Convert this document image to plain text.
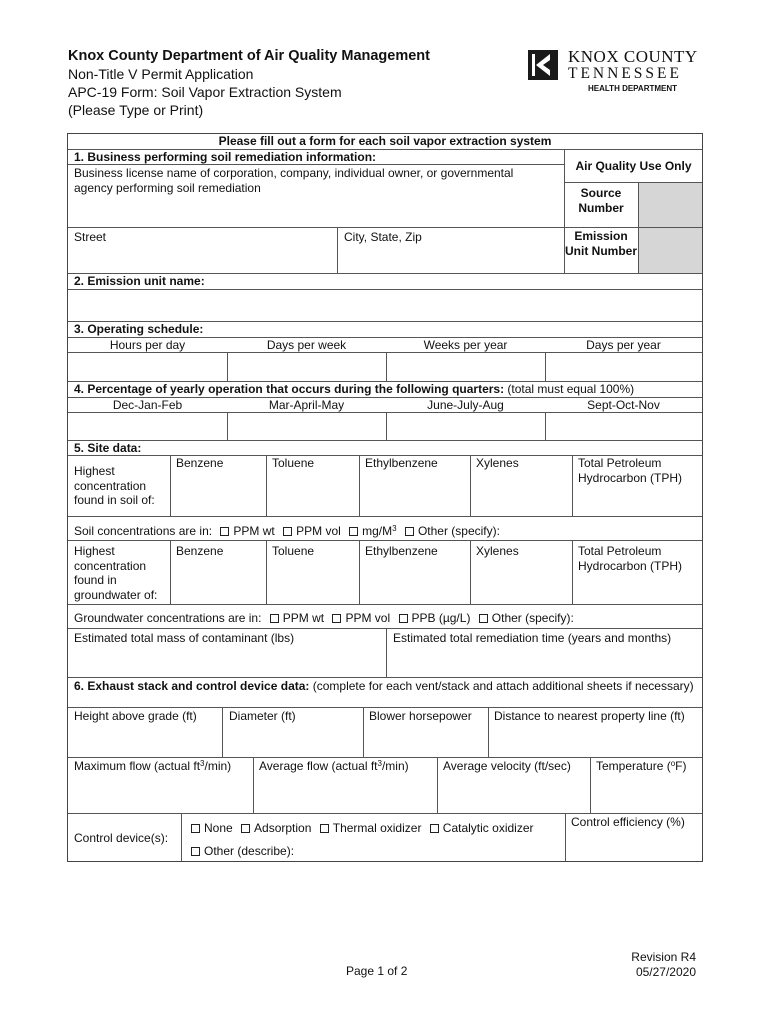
Knox County Department of Air Quality Management
Non-Title V Permit Application
APC-19 Form: Soil Vapor Extraction System
(Please Type or Print)
KNOX COUNTY
TENNESSEE
HEALTH DEPARTMENT
Please fill out a form for each soil vapor extraction system
1. Business performing soil remediation information:
Business license name of corporation, company, individual owner, or governmental agency performing soil remediation
Street	City, State, Zip
Air Quality Use Only
Source Number
Emission Unit Number
2. Emission unit name:
3. Operating schedule:
Hours per day	Days per week	Weeks per year	Days per year
4. Percentage of yearly operation that occurs during the following quarters: (total must equal 100%)
Dec-Jan-Feb	Mar-April-May	June-July-Aug	Sept-Oct-Nov
5. Site data:
Highest concentration found in soil of:
Benzene	Toluene	Ethylbenzene	Xylenes	Total Petroleum Hydrocarbon (TPH)
Soil concentrations are in: PPM wt PPM vol $mg/M^3$ Other (specify):
Highest concentration found in groundwater of:
Benzene	Toluene	Ethylbenzene	Xylenes	Total Petroleum Hydrocarbon (TPH)
Groundwater concentrations are in: PPM wt PPM vol PPB (µg/L) Other (specify):
Estimated total mass of contaminant (lbs)	Estimated total remediation time (years and months)
6. Exhaust stack and control device data: (complete for each vent/stack and attach additional sheets if necessary)
Height above grade (ft)	Diameter (ft)	Blower horsepower	Distance to nearest property line (ft)
Maximum flow (actual $ft^3/\min$)	Average flow (actual $ft^3/\min$)	Average velocity (ft/sec)	Temperature ($^o$F)
Control device(s):
None Adsorption Thermal oxidizer Catalytic oxidizer
Other (describe):
Control efficiency (%)
Page 1 of 2
Revision R4
05/27/2020
